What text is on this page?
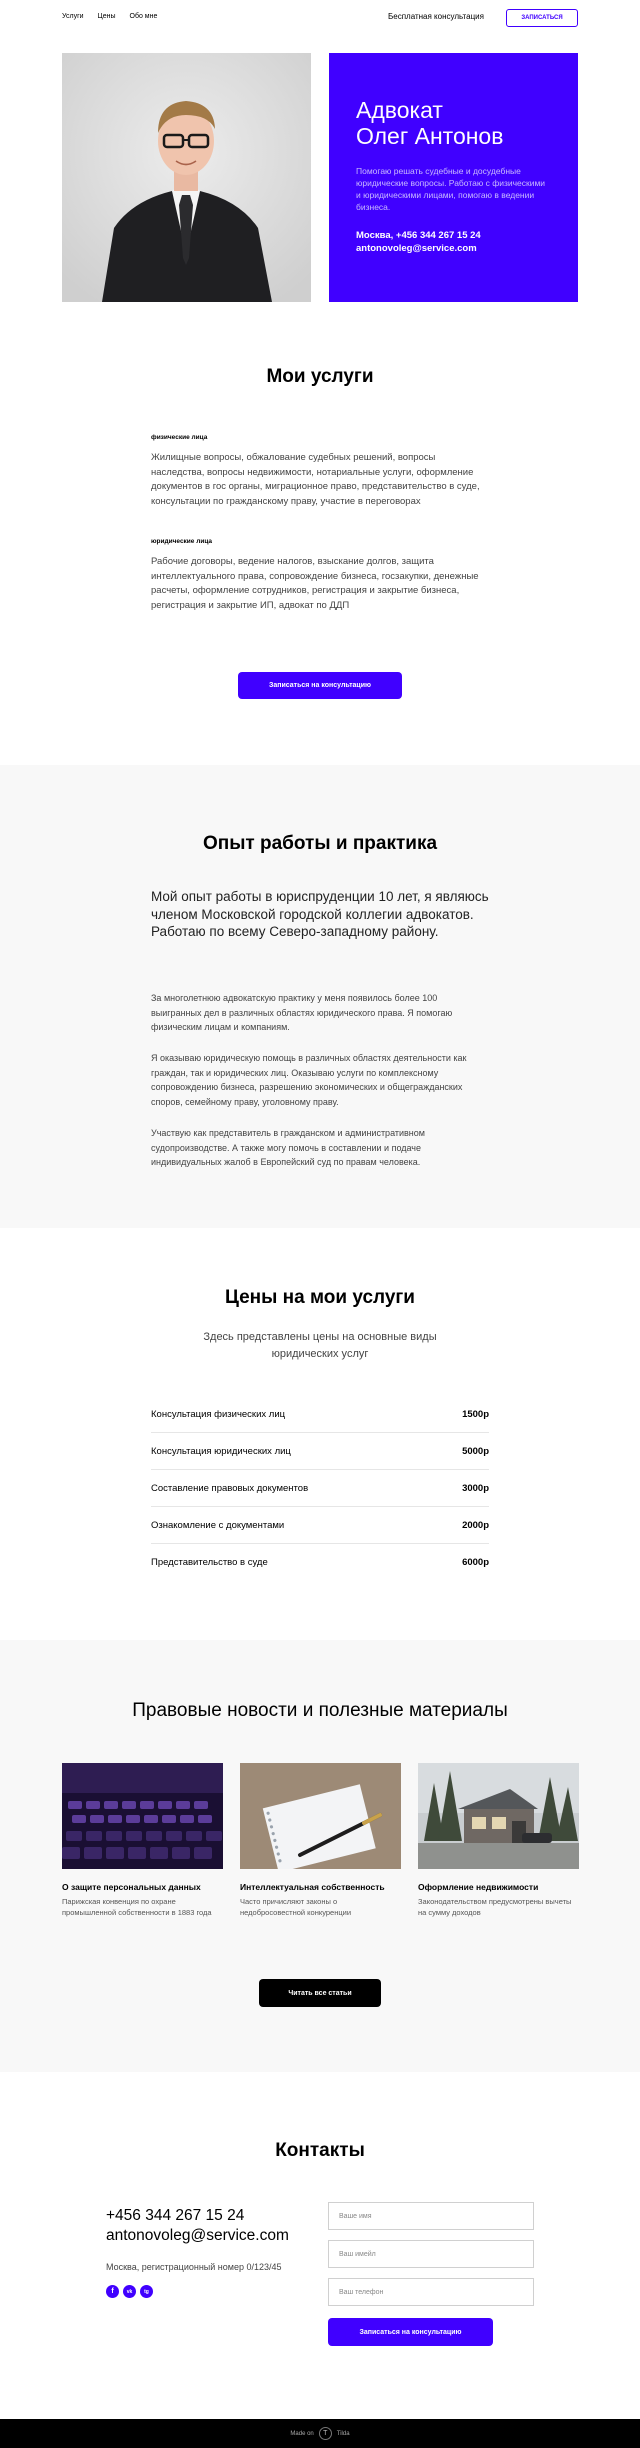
Услуги Цены Обо мне	Бесплатная консультация	ЗАПИСАТЬСЯ
Адвокат
Олег Антонов
Помогаю решать судебные и досудебные юридические вопросы. Работаю с физическими и юридическими лицами, помогаю в ведении бизнеса.
Москва, +456 344 267 15 24
antonovoleg@service.com
Мои услуги
физические лица
Жилищные вопросы, обжалование судебных решений, вопросы наследства, вопросы недвижимости, нотариальные услуги, оформление документов в гос органы, миграционное право, представительство в суде, консультации по гражданскому праву, участие в переговорах
юридические лица
Рабочие договоры, ведение налогов, взыскание долгов, защита интеллектуального права, сопровождение бизнеса, госзакупки, денежные расчеты, оформление сотрудников, регистрация и закрытие бизнеса, регистрация и закрытие ИП, адвокат по ДДП
Записаться на консультацию
Опыт работы и практика
Мой опыт работы в юриспруденции 10 лет, я являюсь членом Московской городской коллегии адвокатов. Работаю по всему Северо-западному району.
За многолетнюю адвокатскую практику у меня появилось более 100 выигранных дел в различных областях юридического права. Я помогаю физическим лицам и компаниям.
Я оказываю юридическую помощь в различных областях деятельности как граждан, так и юридических лиц. Оказываю услуги по комплексному сопровождению бизнеса, разрешению экономических и общегражданских споров, семейному праву, уголовному праву.
Участвую как представитель в гражданском и административном судопроизводстве. А также могу помочь в составлении и подаче индивидуальных жалоб в Европейский суд по правам человека.
Цены на мои услуги
Здесь представлены цены на основные виды юридических услуг
Консультация физических лиц	1500р
Консультация юридических лиц	5000р
Составление правовых документов	3000р
Ознакомление с документами	2000р
Представительство в суде	6000р
Правовые новости и полезные материалы
О защите персональных данных
Парижская конвенция по охране промышленной собственности в 1883 года
Интеллектуальная собственность
Часто причисляют законы о недобросовестной конкуренции
Оформление недвижимости
Законодательством предусмотрены вычеты на сумму доходов
Читать все статьи
Контакты
+456 344 267 15 24
antonovoleg@service.com
Москва, регистрационный номер 0/123/45
f	vk	tg
Ваше имя
Ваш имейл
Ваш телефон
Записаться на консультацию
Made on	T	Tilda
